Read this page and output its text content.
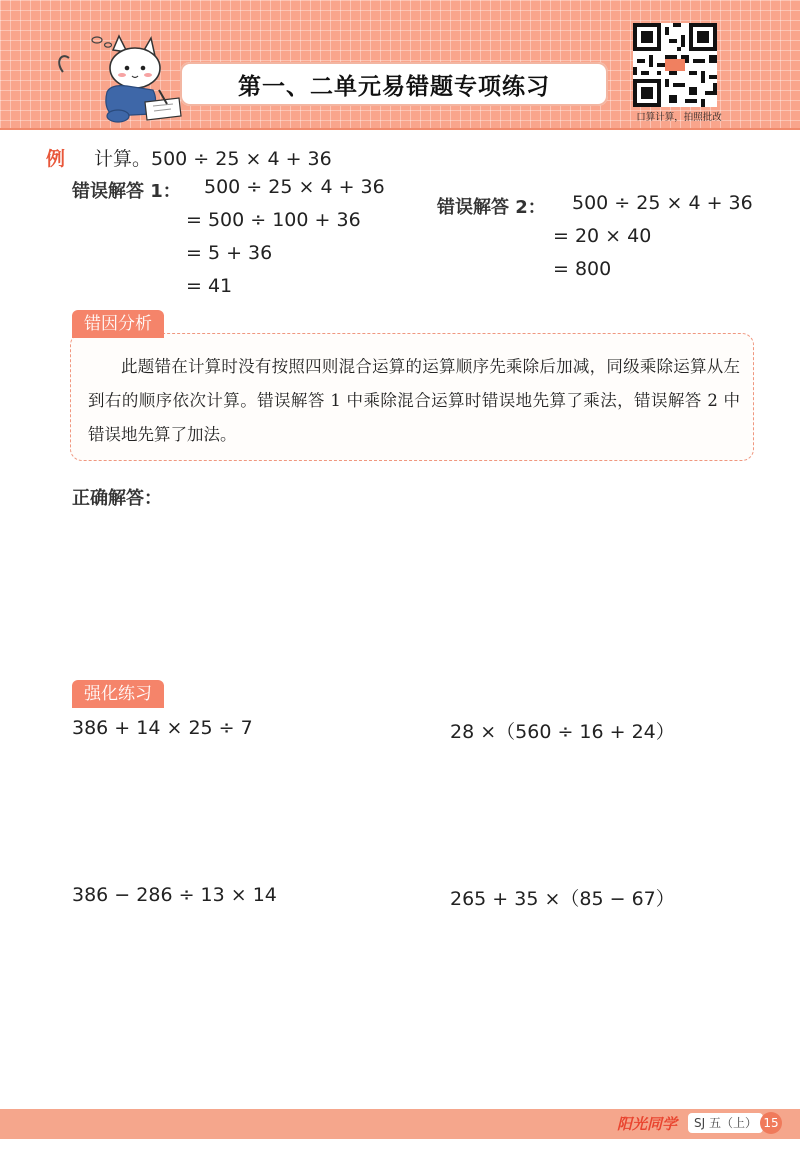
第一、二单元易错题专项练习
口算计算，拍照批改
例 计算。500 ÷ 25 × 4 + 36
错误解答 1： 500 ÷ 25 × 4 + 36
= 500 ÷ 100 + 36
= 5 + 36
= 41
错误解答 2： 500 ÷ 25 × 4 + 36
= 20 × 40
= 800
错因分析
此题错在计算时没有按照四则混合运算的运算顺序先乘除后加减，同级乘除运算从左到右的顺序依次计算。错误解答 1 中乘除混合运算时错误地先算了乘法，错误解答 2 中错误地先算了加法。
正确解答：
强化练习
386 + 14 × 25 ÷ 7	28 ×（560 ÷ 16 + 24）
386 − 286 ÷ 13 × 14	265 + 35 ×（85 − 67）
阳光同学	SJ 五（上） 15
